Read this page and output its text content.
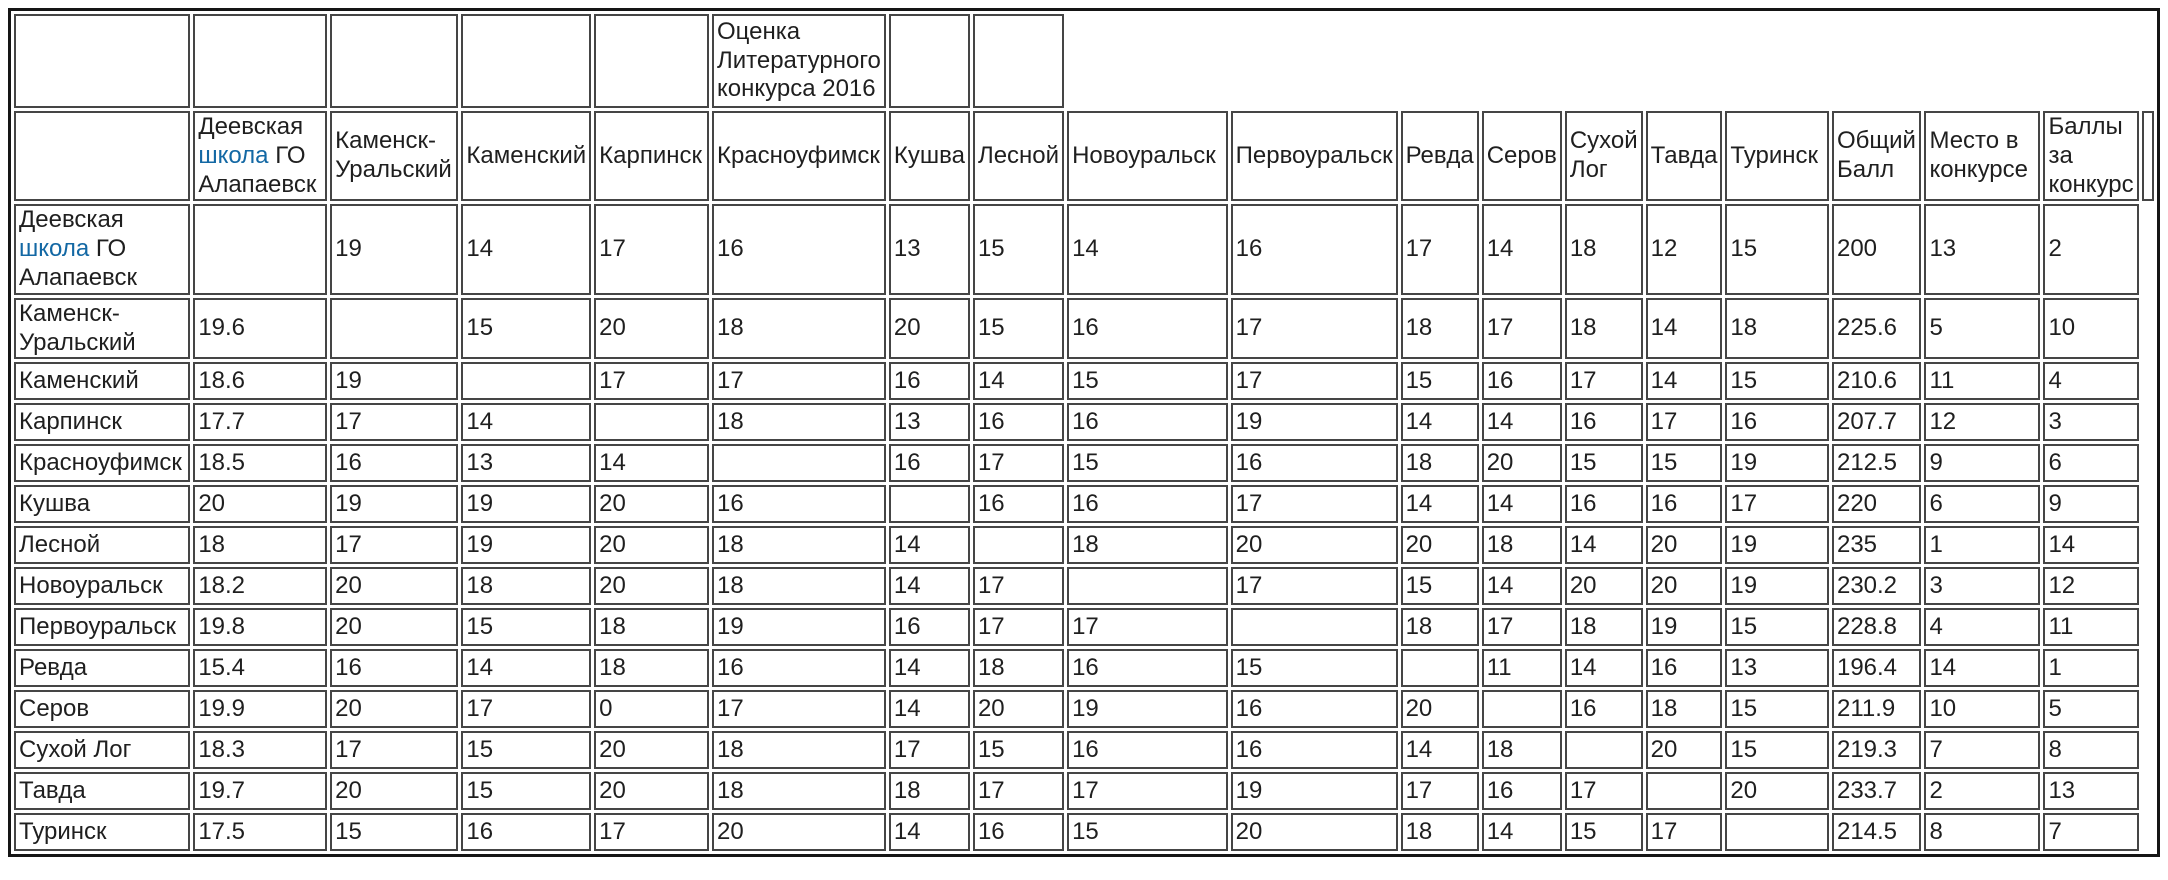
					Оценка Литературного конкурса 2016													
	Деевская школа ГО Алапаевск	Каменск-Уральский	Каменский	Карпинск	Красноуфимск	Кушва	Лесной	Новоуральск	Первоуральск	Ревда	Серов	Сухой Лог	Тавда	Туринск	Общий Балл	Место в конкурсе	Баллы за конкурс	
Деевская школа ГО Алапаевск		19	14	17	16	13	15	14	16	17	14	18	12	15	200	13	2	
Каменск-Уральский	19.6		15	20	18	20	15	16	17	18	17	18	14	18	225.6	5	10	
Каменский	18.6	19		17	17	16	14	15	17	15	16	17	14	15	210.6	11	4	
Карпинск	17.7	17	14		18	13	16	16	19	14	14	16	17	16	207.7	12	3	
Красноуфимск	18.5	16	13	14		16	17	15	16	18	20	15	15	19	212.5	9	6	
Кушва	20	19	19	20	16		16	16	17	14	14	16	16	17	220	6	9	
Лесной	18	17	19	20	18	14		18	20	20	18	14	20	19	235	1	14	
Новоуральск	18.2	20	18	20	18	14	17		17	15	14	20	20	19	230.2	3	12	
Первоуральск	19.8	20	15	18	19	16	17	17		18	17	18	19	15	228.8	4	11	
Ревда	15.4	16	14	18	16	14	18	16	15		11	14	16	13	196.4	14	1	
Серов	19.9	20	17	0	17	14	20	19	16	20		16	18	15	211.9	10	5	
Сухой Лог	18.3	17	15	20	18	17	15	16	16	14	18		20	15	219.3	7	8	
Тавда	19.7	20	15	20	18	18	17	17	19	17	16	17		20	233.7	2	13	
Туринск	17.5	15	16	17	20	14	16	15	20	18	14	15	17		214.5	8	7	
